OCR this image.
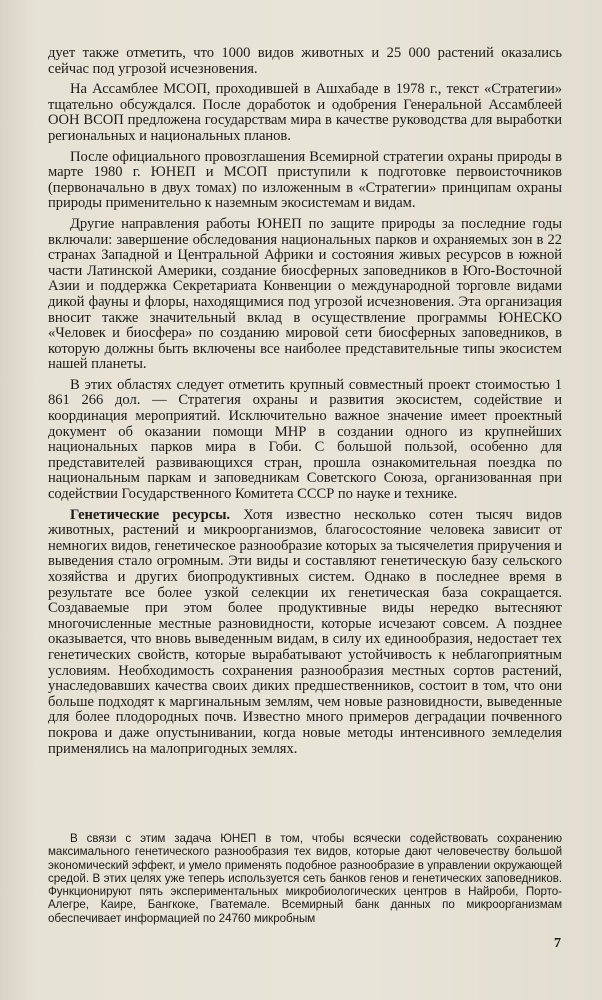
дует также отметить, что 1000 видов животных и 25 000 растений оказались сейчас под угрозой исчезновения.

На Ассамблее МСОП, проходившей в Ашхабаде в 1978 г., текст «Стратегии» тщательно обсуждался. После доработок и одобрения Генеральной Ассамблеей ООН ВСОП предложена государствам мира в качестве руководства для выработки региональных и национальных планов.

После официального провозглашения Всемирной стратегии охраны природы в марте 1980 г. ЮНЕП и МСОП приступили к подготовке первоисточников (первоначально в двух томах) по изложенным в «Стратегии» принципам охраны природы применительно к наземным экосистемам и видам.

Другие направления работы ЮНЕП по защите природы за последние годы включали: завершение обследования национальных парков и охраняемых зон в 22 странах Западной и Центральной Африки и состояния живых ресурсов в южной части Латинской Америки, создание биосферных заповедников в Юго-Восточной Азии и поддержка Секретариата Конвенции о международной торговле видами дикой фауны и флоры, находящимися под угрозой исчезновения. Эта организация вносит также значительный вклад в осуществление программы ЮНЕСКО «Человек и биосфера» по созданию мировой сети биосферных заповедников, в которую должны быть включены все наиболее представительные типы экосистем нашей планеты.

В этих областях следует отметить крупный совместный проект стоимостью 1 861 266 дол. — Стратегия охраны и развития экосистем, содействие и координация мероприятий. Исключительно важное значение имеет проектный документ об оказании помощи МНР в создании одного из крупнейших национальных парков мира в Гоби. С большой пользой, особенно для представителей развивающихся стран, прошла ознакомительная поездка по национальным паркам и заповедникам Советского Союза, организованная при содействии Государственного Комитета СССР по науке и технике.

Генетические ресурсы. Хотя известно несколько сотен тысяч видов животных, растений и микроорганизмов, благосостояние человека зависит от немногих видов, генетическое разнообразие которых за тысячелетия приручения и выведения стало огромным. Эти виды и составляют генетическую базу сельского хозяйства и других биопродуктивных систем. Однако в последнее время в результате все более узкой селекции их генетическая база сокращается. Создаваемые при этом более продуктивные виды нередко вытесняют многочисленные местные разновидности, которые исчезают совсем. А позднее оказывается, что вновь выведенным видам, в силу их единообразия, недостает тех генетических свойств, которые вырабатывают устойчивость к неблагоприятным условиям. Необходимость сохранения разнообразия местных сортов растений, унаследовавших качества своих диких предшественников, состоит в том, что они больше подходят к маргинальным землям, чем новые разновидности, выведенные для более плодородных почв. Известно много примеров деградации почвенного покрова и даже опустынивании, когда новые методы интенсивного земледелия применялись на малопригодных землях.

В связи с этим задача ЮНЕП в том, чтобы всячески содействовать сохранению максимального генетического разнообразия тех видов, которые дают человечеству большой экономический эффект, и умело применять подобное разнообразие в управлении окружающей средой. В этих целях уже теперь используется сеть банков генов и генетических заповедников. Функционируют пять экспериментальных микробиологических центров в Найроби, Порто-Алегре, Каире, Бангкоке, Гватемале. Всемирный банк данных по микроорганизмам обеспечивает информацией по 24760 микробным

7
